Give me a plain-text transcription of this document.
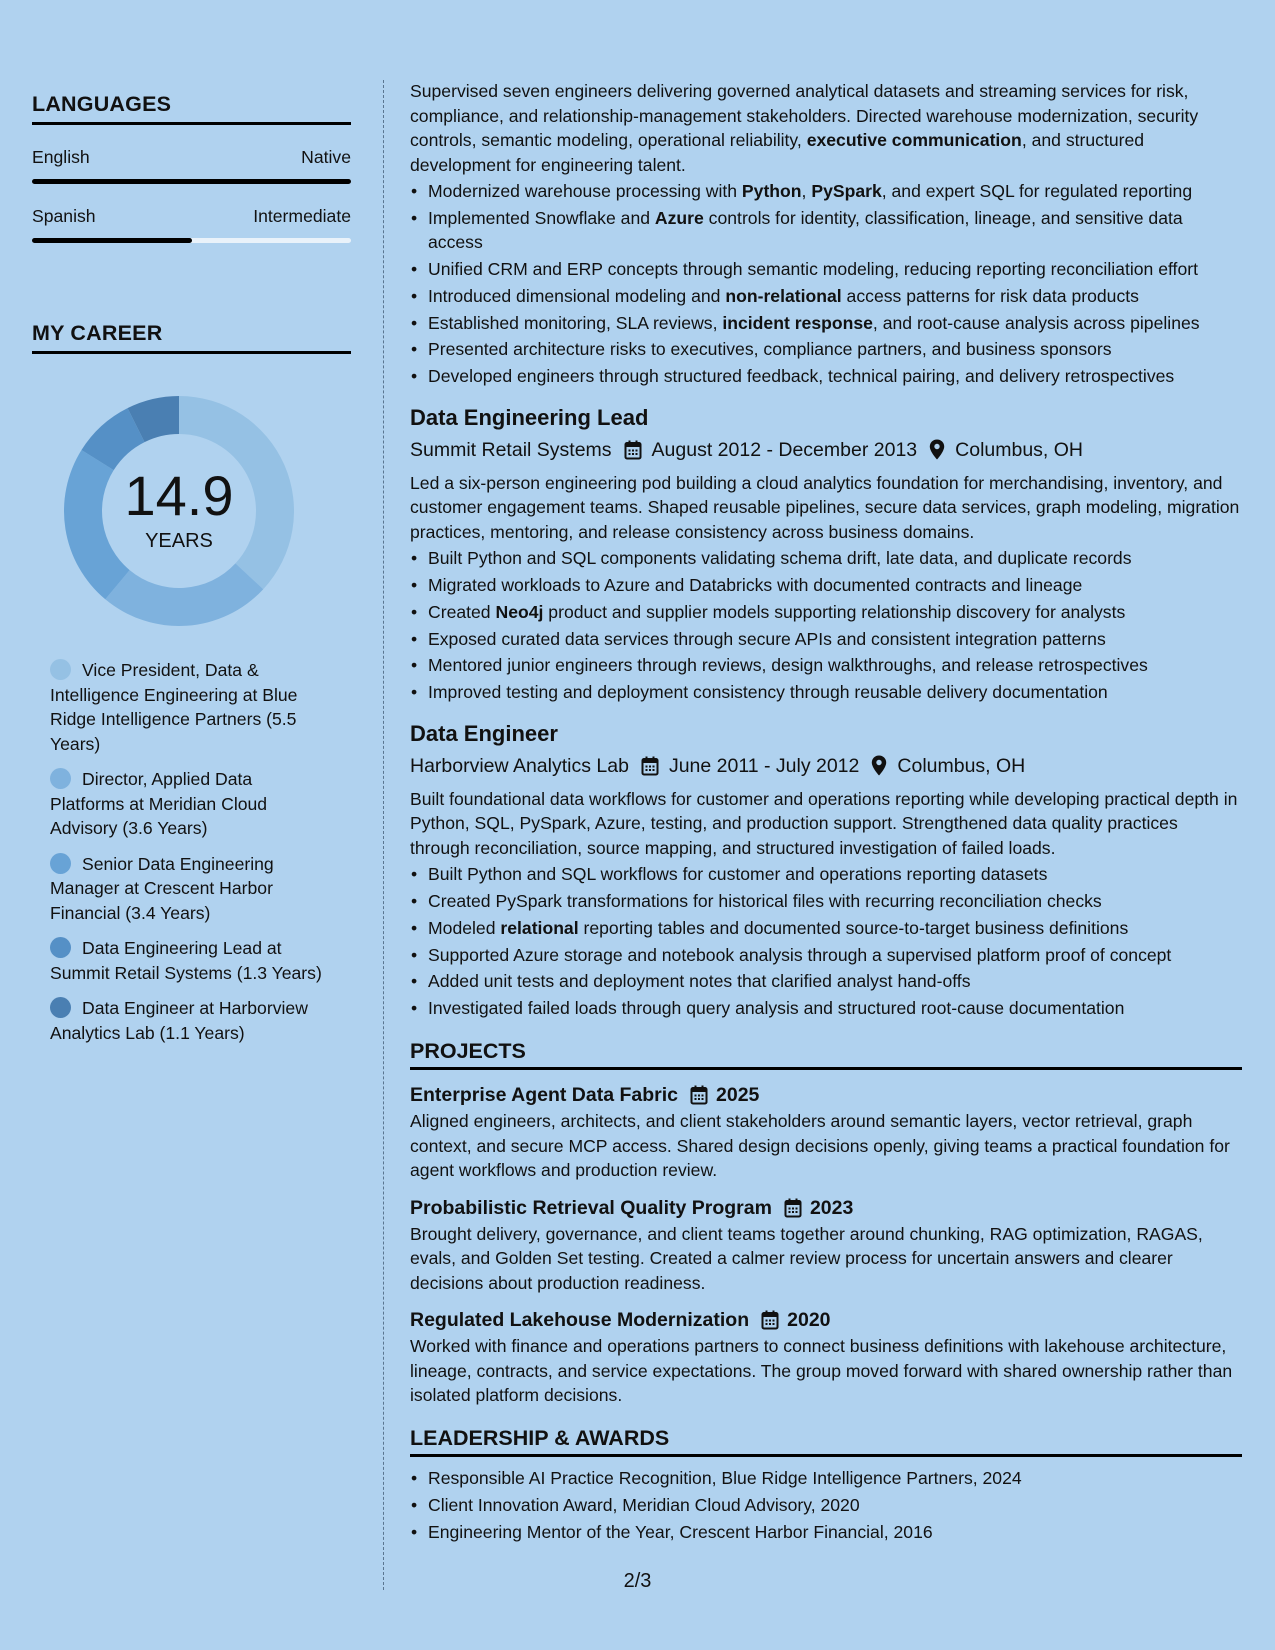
LANGUAGES
English	Native
Spanish	Intermediate
MY CAREER
14.9
YEARS
Vice President, Data & Intelligence Engineering at Blue Ridge Intelligence Partners (5.5 Years)
Director, Applied Data Platforms at Meridian Cloud Advisory (3.6 Years)
Senior Data Engineering Manager at Crescent Harbor Financial (3.4 Years)
Data Engineering Lead at Summit Retail Systems (1.3 Years)
Data Engineer at Harborview Analytics Lab (1.1 Years)

Supervised seven engineers delivering governed analytical datasets and streaming services for risk, compliance, and relationship-management stakeholders. Directed warehouse modernization, security controls, semantic modeling, operational reliability, executive communication, and structured development for engineering talent.

• Modernized warehouse processing with Python, PySpark, and expert SQL for regulated reporting
• Implemented Snowflake and Azure controls for identity, classification, lineage, and sensitive data access
• Unified CRM and ERP concepts through semantic modeling, reducing reporting reconciliation effort
• Introduced dimensional modeling and non-relational access patterns for risk data products
• Established monitoring, SLA reviews, incident response, and root-cause analysis across pipelines
• Presented architecture risks to executives, compliance partners, and business sponsors
• Developed engineers through structured feedback, technical pairing, and delivery retrospectives
Data Engineering Lead
Summit Retail Systems August 2012 - December 2013 Columbus, OH

Led a six-person engineering pod building a cloud analytics foundation for merchandising, inventory, and customer engagement teams. Shaped reusable pipelines, secure data services, graph modeling, migration practices, mentoring, and release consistency across business domains.

• Built Python and SQL components validating schema drift, late data, and duplicate records
• Migrated workloads to Azure and Databricks with documented contracts and lineage
• Created Neo4j product and supplier models supporting relationship discovery for analysts
• Exposed curated data services through secure APIs and consistent integration patterns
• Mentored junior engineers through reviews, design walkthroughs, and release retrospectives
• Improved testing and deployment consistency through reusable delivery documentation
Data Engineer
Harborview Analytics Lab June 2011 - July 2012 Columbus, OH

Built foundational data workflows for customer and operations reporting while developing practical depth in Python, SQL, PySpark, Azure, testing, and production support. Strengthened data quality practices through reconciliation, source mapping, and structured investigation of failed loads.

• Built Python and SQL workflows for customer and operations reporting datasets
• Created PySpark transformations for historical files with recurring reconciliation checks
• Modeled relational reporting tables and documented source-to-target business definitions
• Supported Azure storage and notebook analysis through a supervised platform proof of concept
• Added unit tests and deployment notes that clarified analyst hand-offs
• Investigated failed loads through query analysis and structured root-cause documentation
PROJECTS
Enterprise Agent Data Fabric 2025

Aligned engineers, architects, and client stakeholders around semantic layers, vector retrieval, graph context, and secure MCP access. Shared design decisions openly, giving teams a practical foundation for agent workflows and production review.

Probabilistic Retrieval Quality Program 2023

Brought delivery, governance, and client teams together around chunking, RAG optimization, RAGAS, evals, and Golden Set testing. Created a calmer review process for uncertain answers and clearer decisions about production readiness.

Regulated Lakehouse Modernization 2020

Worked with finance and operations partners to connect business definitions with lakehouse architecture, lineage, contracts, and service expectations. The group moved forward with shared ownership rather than isolated platform decisions.

LEADERSHIP & AWARDS
• Responsible AI Practice Recognition, Blue Ridge Intelligence Partners, 2024
• Client Innovation Award, Meridian Cloud Advisory, 2020
• Engineering Mentor of the Year, Crescent Harbor Financial, 2016
2/3
